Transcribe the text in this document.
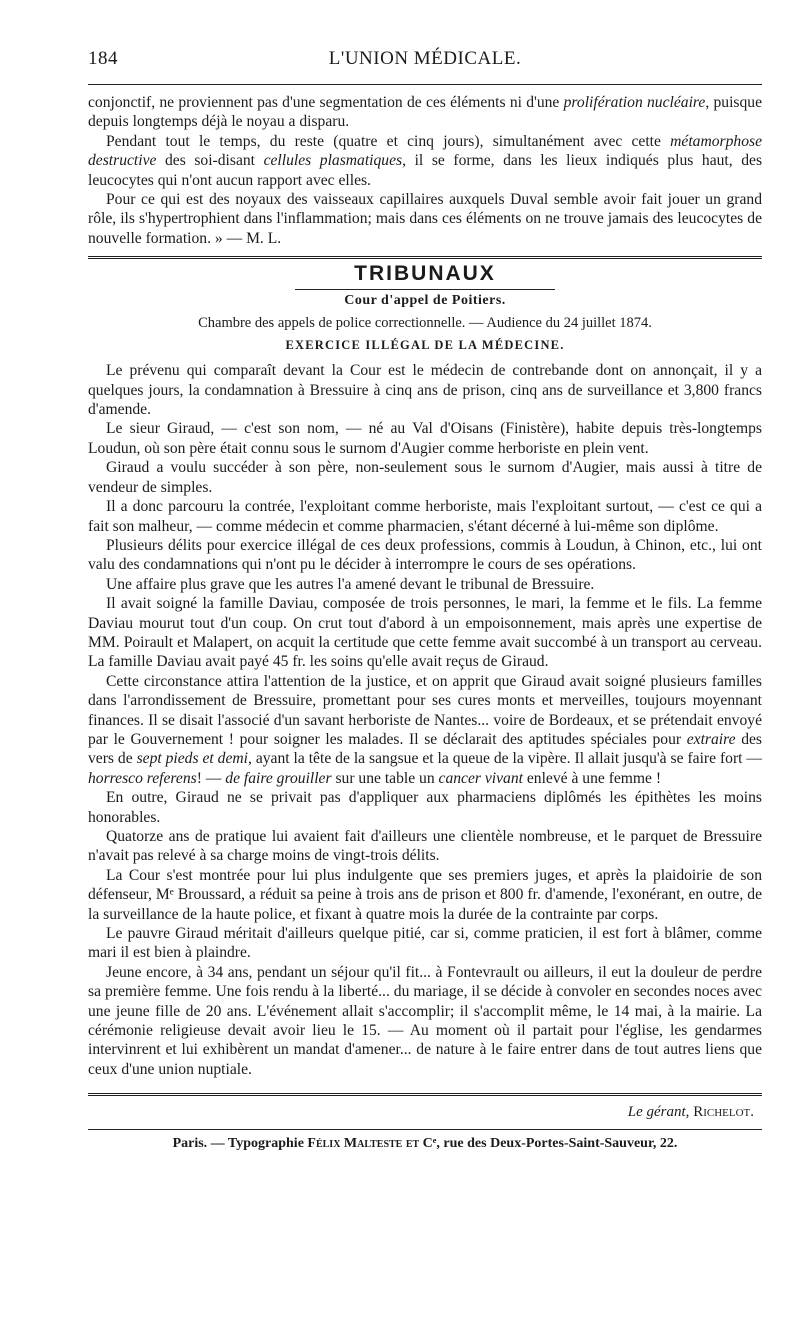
184	L'UNION MÉDICALE.

conjonctif, ne proviennent pas d'une segmentation de ces éléments ni d'une prolifération nucléaire, puisque depuis longtemps déjà le noyau a disparu.

Pendant tout le temps, du reste (quatre et cinq jours), simultanément avec cette métamorphose destructive des soi-disant cellules plasmatiques, il se forme, dans les lieux indiqués plus haut, des leucocytes qui n'ont aucun rapport avec elles.

Pour ce qui est des noyaux des vaisseaux capillaires auxquels Duval semble avoir fait jouer un grand rôle, ils s'hypertrophient dans l'inflammation; mais dans ces éléments on ne trouve jamais des leucocytes de nouvelle formation. » — M. L.

TRIBUNAUX
Cour d'appel de Poitiers.
Chambre des appels de police correctionnelle. — Audience du 24 juillet 1874.
EXERCICE ILLÉGAL DE LA MÉDECINE.

Le prévenu qui comparaît devant la Cour est le médecin de contrebande dont on annonçait, il y a quelques jours, la condamnation à Bressuire à cinq ans de prison, cinq ans de surveillance et 3,800 francs d'amende.

Le sieur Giraud, — c'est son nom, — né au Val d'Oisans (Finistère), habite depuis très-longtemps Loudun, où son père était connu sous le surnom d'Augier comme herboriste en plein vent.

Giraud a voulu succéder à son père, non-seulement sous le surnom d'Augier, mais aussi à titre de vendeur de simples.

Il a donc parcouru la contrée, l'exploitant comme herboriste, mais l'exploitant surtout, — c'est ce qui a fait son malheur, — comme médecin et comme pharmacien, s'étant décerné à lui-même son diplôme.

Plusieurs délits pour exercice illégal de ces deux professions, commis à Loudun, à Chinon, etc., lui ont valu des condamnations qui n'ont pu le décider à interrompre le cours de ses opérations.

Une affaire plus grave que les autres l'a amené devant le tribunal de Bressuire.

Il avait soigné la famille Daviau, composée de trois personnes, le mari, la femme et le fils. La femme Daviau mourut tout d'un coup. On crut tout d'abord à un empoisonnement, mais après une expertise de MM. Poirault et Malapert, on acquit la certitude que cette femme avait succombé à un transport au cerveau. La famille Daviau avait payé 45 fr. les soins qu'elle avait reçus de Giraud.

Cette circonstance attira l'attention de la justice, et on apprit que Giraud avait soigné plusieurs familles dans l'arrondissement de Bressuire, promettant pour ses cures monts et merveilles, toujours moyennant finances. Il se disait l'associé d'un savant herboriste de Nantes... voire de Bordeaux, et se prétendait envoyé par le Gouvernement ! pour soigner les malades. Il se déclarait des aptitudes spéciales pour extraire des vers de sept pieds et demi, ayant la tête de la sangsue et la queue de la vipère. Il allait jusqu'à se faire fort — horresco referens! — de faire grouiller sur une table un cancer vivant enlevé à une femme !

En outre, Giraud ne se privait pas d'appliquer aux pharmaciens diplômés les épithètes les moins honorables.

Quatorze ans de pratique lui avaient fait d'ailleurs une clientèle nombreuse, et le parquet de Bressuire n'avait pas relevé à sa charge moins de vingt-trois délits.

La Cour s'est montrée pour lui plus indulgente que ses premiers juges, et après la plaidoirie de son défenseur, Mᵉ Broussard, a réduit sa peine à trois ans de prison et 800 fr. d'amende, l'exonérant, en outre, de la surveillance de la haute police, et fixant à quatre mois la durée de la contrainte par corps.

Le pauvre Giraud méritait d'ailleurs quelque pitié, car si, comme praticien, il est fort à blâmer, comme mari il est bien à plaindre.

Jeune encore, à 34 ans, pendant un séjour qu'il fit... à Fontevrault ou ailleurs, il eut la douleur de perdre sa première femme. Une fois rendu à la liberté... du mariage, il se décide à convoler en secondes noces avec une jeune fille de 20 ans. L'événement allait s'accomplir; il s'accomplit même, le 14 mai, à la mairie. La cérémonie religieuse devait avoir lieu le 15. — Au moment où il partait pour l'église, les gendarmes intervinrent et lui exhibèrent un mandat d'amener... de nature à le faire entrer dans de tout autres liens que ceux d'une union nuptiale.

Le gérant, Richelot.
Paris. — Typographie Félix Malteste et Cᵉ, rue des Deux-Portes-Saint-Sauveur, 22.
